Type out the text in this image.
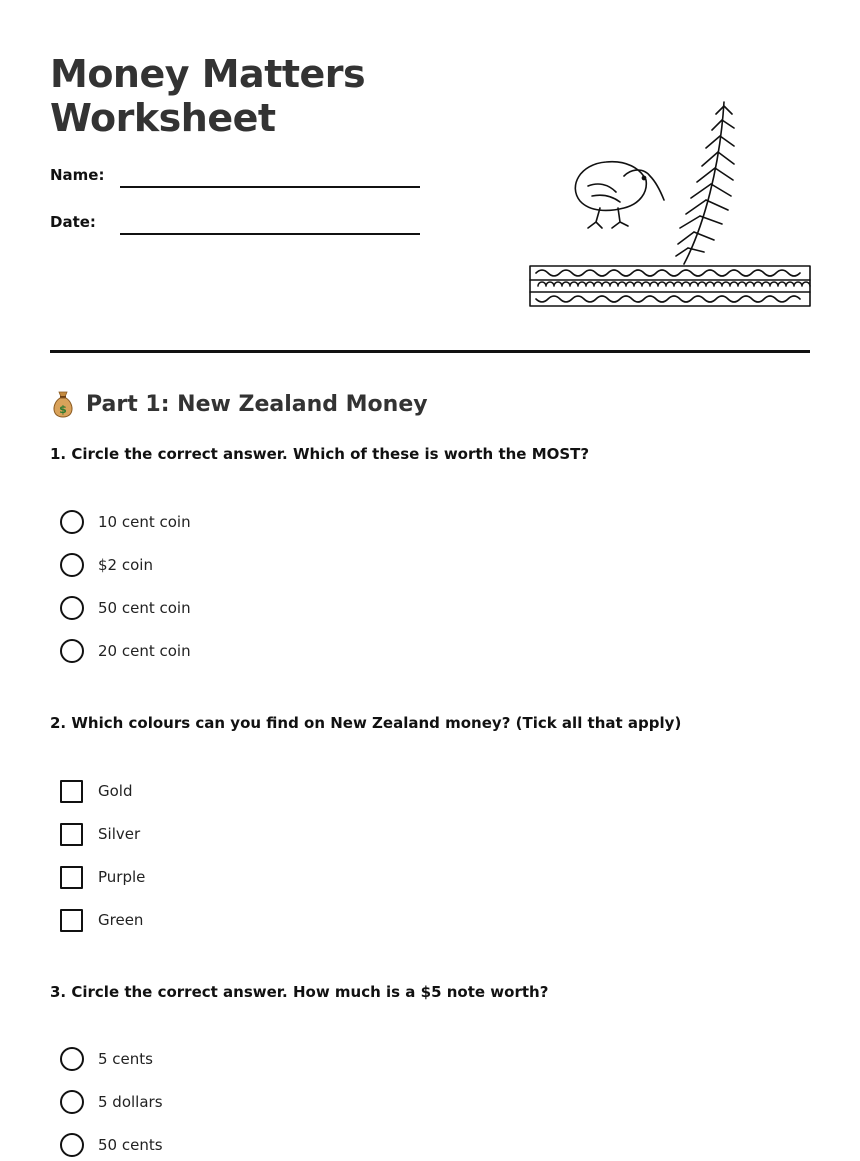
Money Matters
Worksheet
Name:
Date:
$ Part 1: New Zealand Money

1. Circle the correct answer. Which of these is worth the MOST?

10 cent coin
$2 coin
50 cent coin
20 cent coin

2. Which colours can you find on New Zealand money? (Tick all that apply)

Gold
Silver
Purple
Green

3. Circle the correct answer. How much is a $5 note worth?

5 cents
5 dollars
50 cents
